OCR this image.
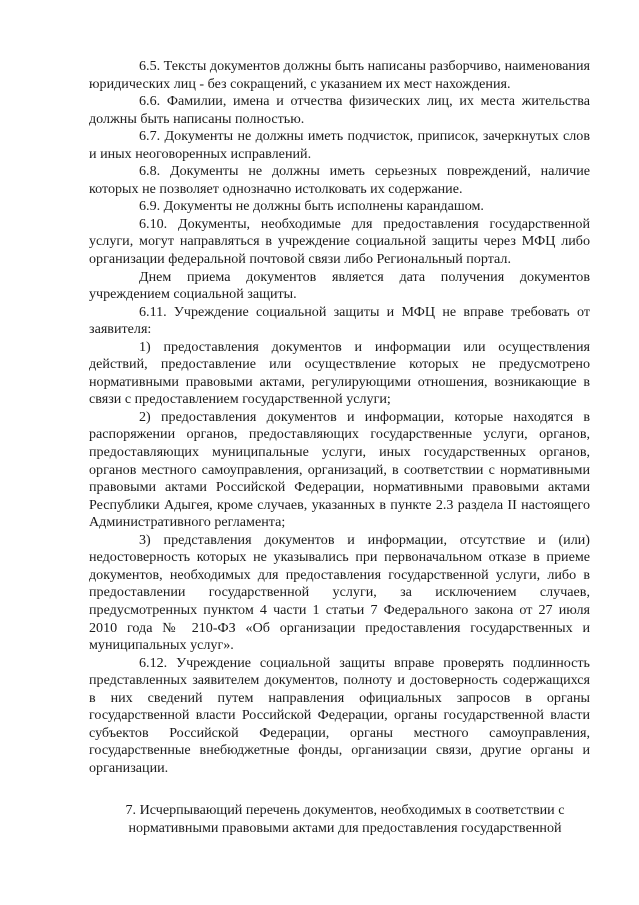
6.5. Тексты документов должны быть написаны разборчиво, наименования юридических лиц - без сокращений, с указанием их мест нахождения.

6.6. Фамилии, имена и отчества физических лиц, их места жительства должны быть написаны полностью.

6.7. Документы не должны иметь подчисток, приписок, зачеркнутых слов и иных неоговоренных исправлений.

6.8. Документы не должны иметь серьезных повреждений, наличие которых не позволяет однозначно истолковать их содержание.

6.9. Документы не должны быть исполнены карандашом.

6.10. Документы, необходимые для предоставления государственной услуги, могут направляться в учреждение социальной защиты через МФЦ либо организации федеральной почтовой связи либо Региональный портал.

Днем приема документов является дата получения документов учреждением социальной защиты.

6.11. Учреждение социальной защиты и МФЦ не вправе требовать от заявителя:

1) предоставления документов и информации или осуществления действий, предоставление или осуществление которых не предусмотрено нормативными правовыми актами, регулирующими отношения, возникающие в связи с предоставлением государственной услуги;

2) предоставления документов и информации, которые находятся в распоряжении органов, предоставляющих государственные услуги, органов, предоставляющих муниципальные услуги, иных государственных органов, органов местного самоуправления, организаций, в соответствии с нормативными правовыми актами Российской Федерации, нормативными правовыми актами Республики Адыгея, кроме случаев, указанных в пункте 2.3 раздела II настоящего Административного регламента;

3) представления документов и информации, отсутствие и (или) недостоверность которых не указывались при первоначальном отказе в приеме документов, необходимых для предоставления государственной услуги, либо в предоставлении государственной услуги, за исключением случаев, предусмотренных пунктом 4 части 1 статьи 7 Федерального закона от 27 июля 2010 года № 210-ФЗ «Об организации предоставления государственных и муниципальных услуг».

6.12. Учреждение социальной защиты вправе проверять подлинность представленных заявителем документов, полноту и достоверность содержащихся в них сведений путем направления официальных запросов в органы государственной власти Российской Федерации, органы государственной власти субъектов Российской Федерации, органы местного самоуправления, государственные внебюджетные фонды, организации связи, другие органы и организации.

7. Исчерпывающий перечень документов, необходимых в соответствии с

нормативными правовыми актами для предоставления государственной
